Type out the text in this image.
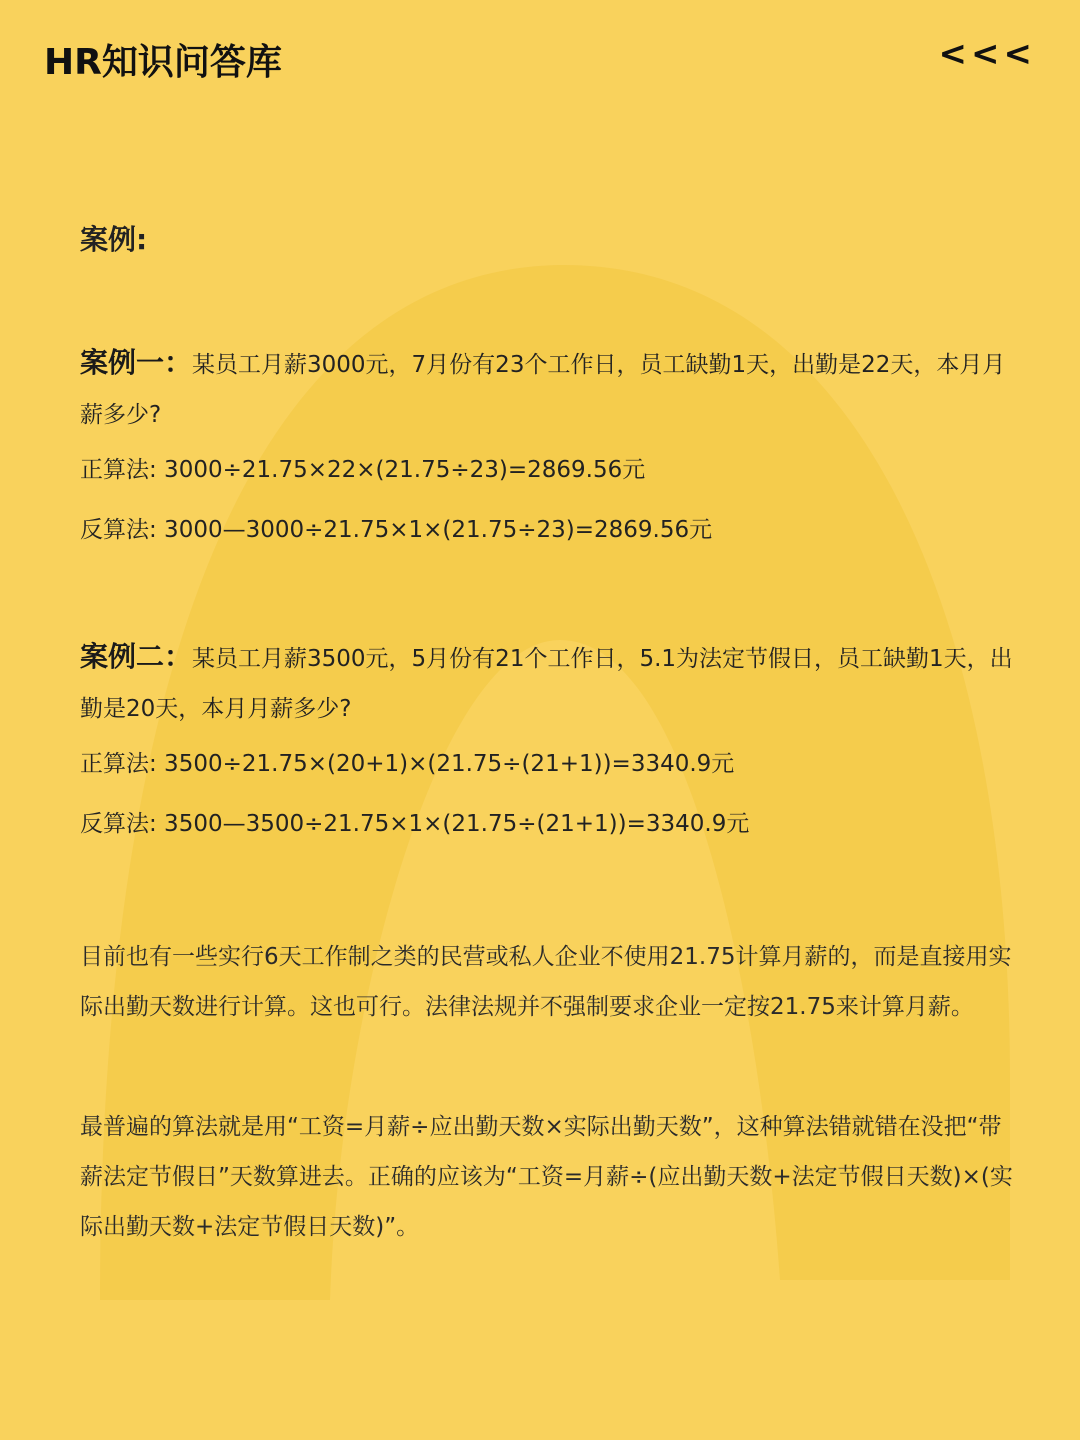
HR知识问答库	<<<
案例:

案例一：某员工月薪3000元，7月份有23个工作日，员工缺勤1天，出勤是22天，本月月薪多少?

正算法: 3000÷21.75×22×(21.75÷23)=2869.56元

反算法: 3000—3000÷21.75×1×(21.75÷23)=2869.56元

案例二：某员工月薪3500元，5月份有21个工作日，5.1为法定节假日，员工缺勤1天，出勤是20天，本月月薪多少?

正算法: 3500÷21.75×(20+1)×(21.75÷(21+1))=3340.9元

反算法: 3500—3500÷21.75×1×(21.75÷(21+1))=3340.9元

目前也有一些实行6天工作制之类的民营或私人企业不使用21.75计算月薪的，而是直接用实际出勤天数进行计算。这也可行。法律法规并不强制要求企业一定按21.75来计算月薪。

最普遍的算法就是用“工资=月薪÷应出勤天数×实际出勤天数”，这种算法错就错在没把“带薪法定节假日”天数算进去。正确的应该为“工资=月薪÷(应出勤天数+法定节假日天数)×(实际出勤天数+法定节假日天数)”。
